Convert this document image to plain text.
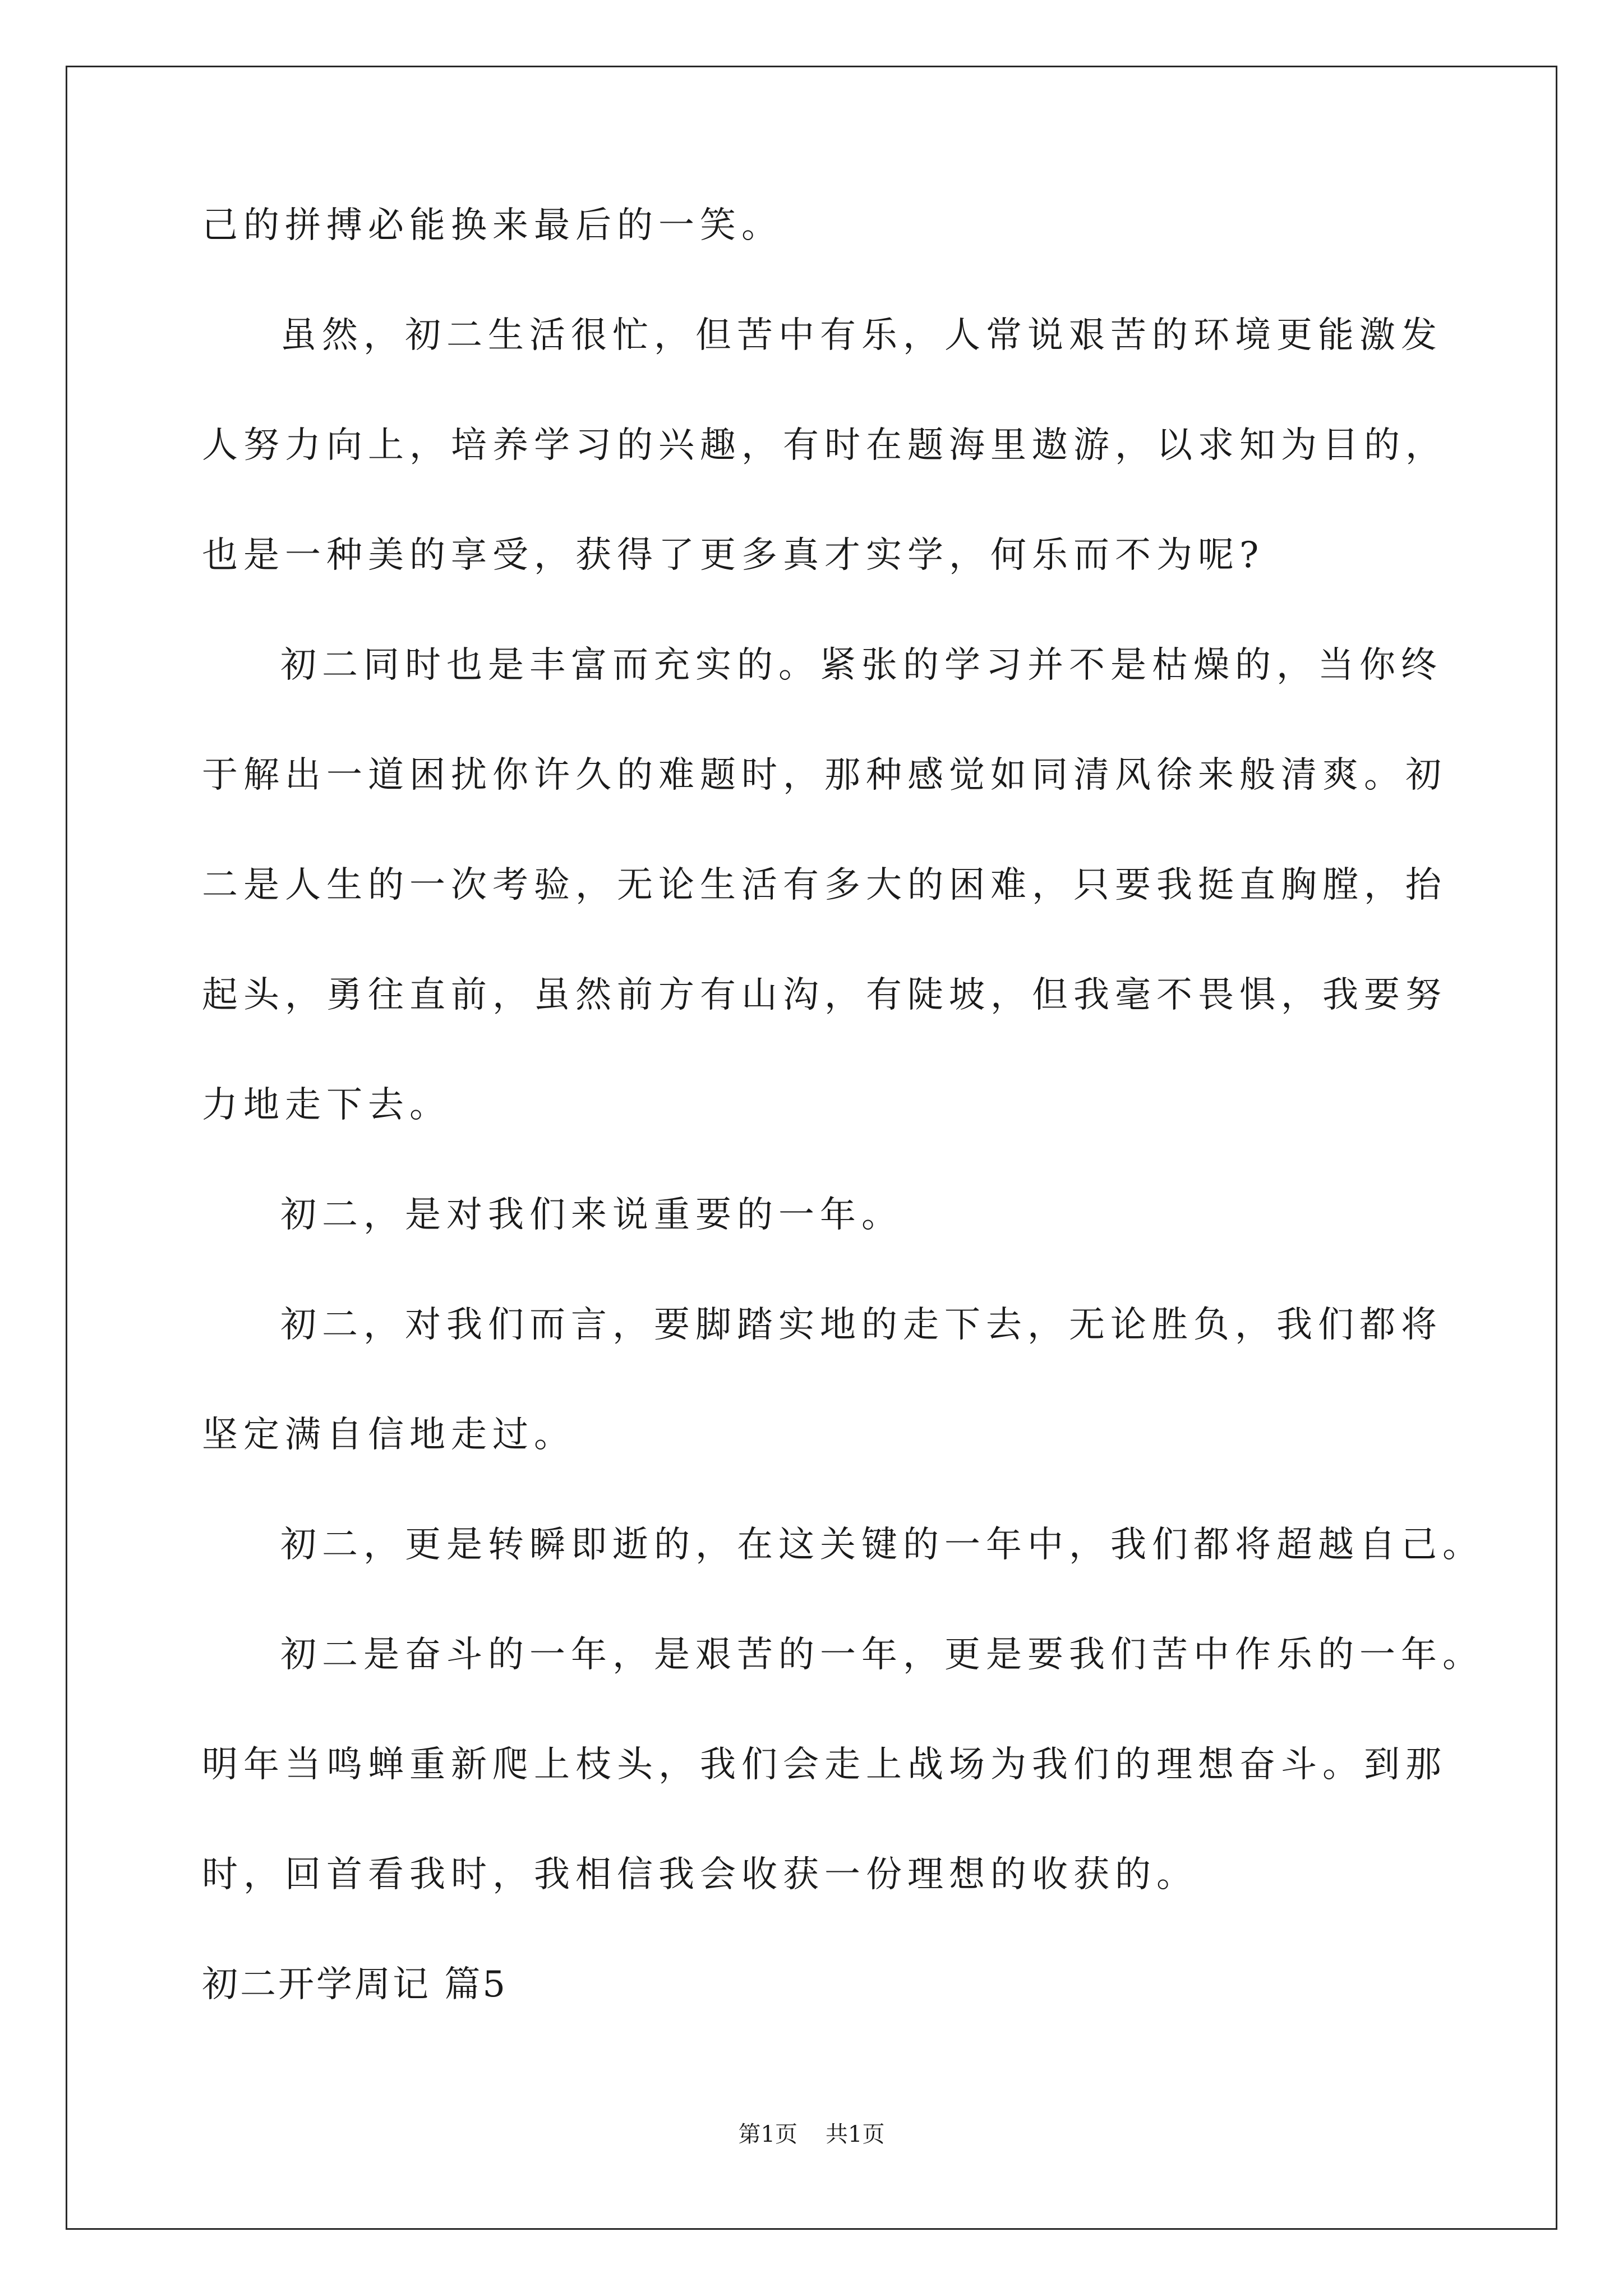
己的拼搏必能换来最后的一笑。

虽然，初二生活很忙，但苦中有乐，人常说艰苦的环境更能激发

人努力向上，培养学习的兴趣，有时在题海里遨游，以求知为目的，

也是一种美的享受，获得了更多真才实学，何乐而不为呢?

初二同时也是丰富而充实的。紧张的学习并不是枯燥的，当你终

于解出一道困扰你许久的难题时，那种感觉如同清风徐来般清爽。初

二是人生的一次考验，无论生活有多大的困难，只要我挺直胸膛，抬

起头，勇往直前，虽然前方有山沟，有陡坡，但我毫不畏惧，我要努

力地走下去。

初二，是对我们来说重要的一年。

初二，对我们而言，要脚踏实地的走下去，无论胜负，我们都将

坚定满自信地走过。

初二，更是转瞬即逝的，在这关键的一年中，我们都将超越自己。

初二是奋斗的一年，是艰苦的一年，更是要我们苦中作乐的一年。

明年当鸣蝉重新爬上枝头，我们会走上战场为我们的理想奋斗。到那

时，回首看我时，我相信我会收获一份理想的收获的。

初二开学周记 篇5

第1页 共1页
